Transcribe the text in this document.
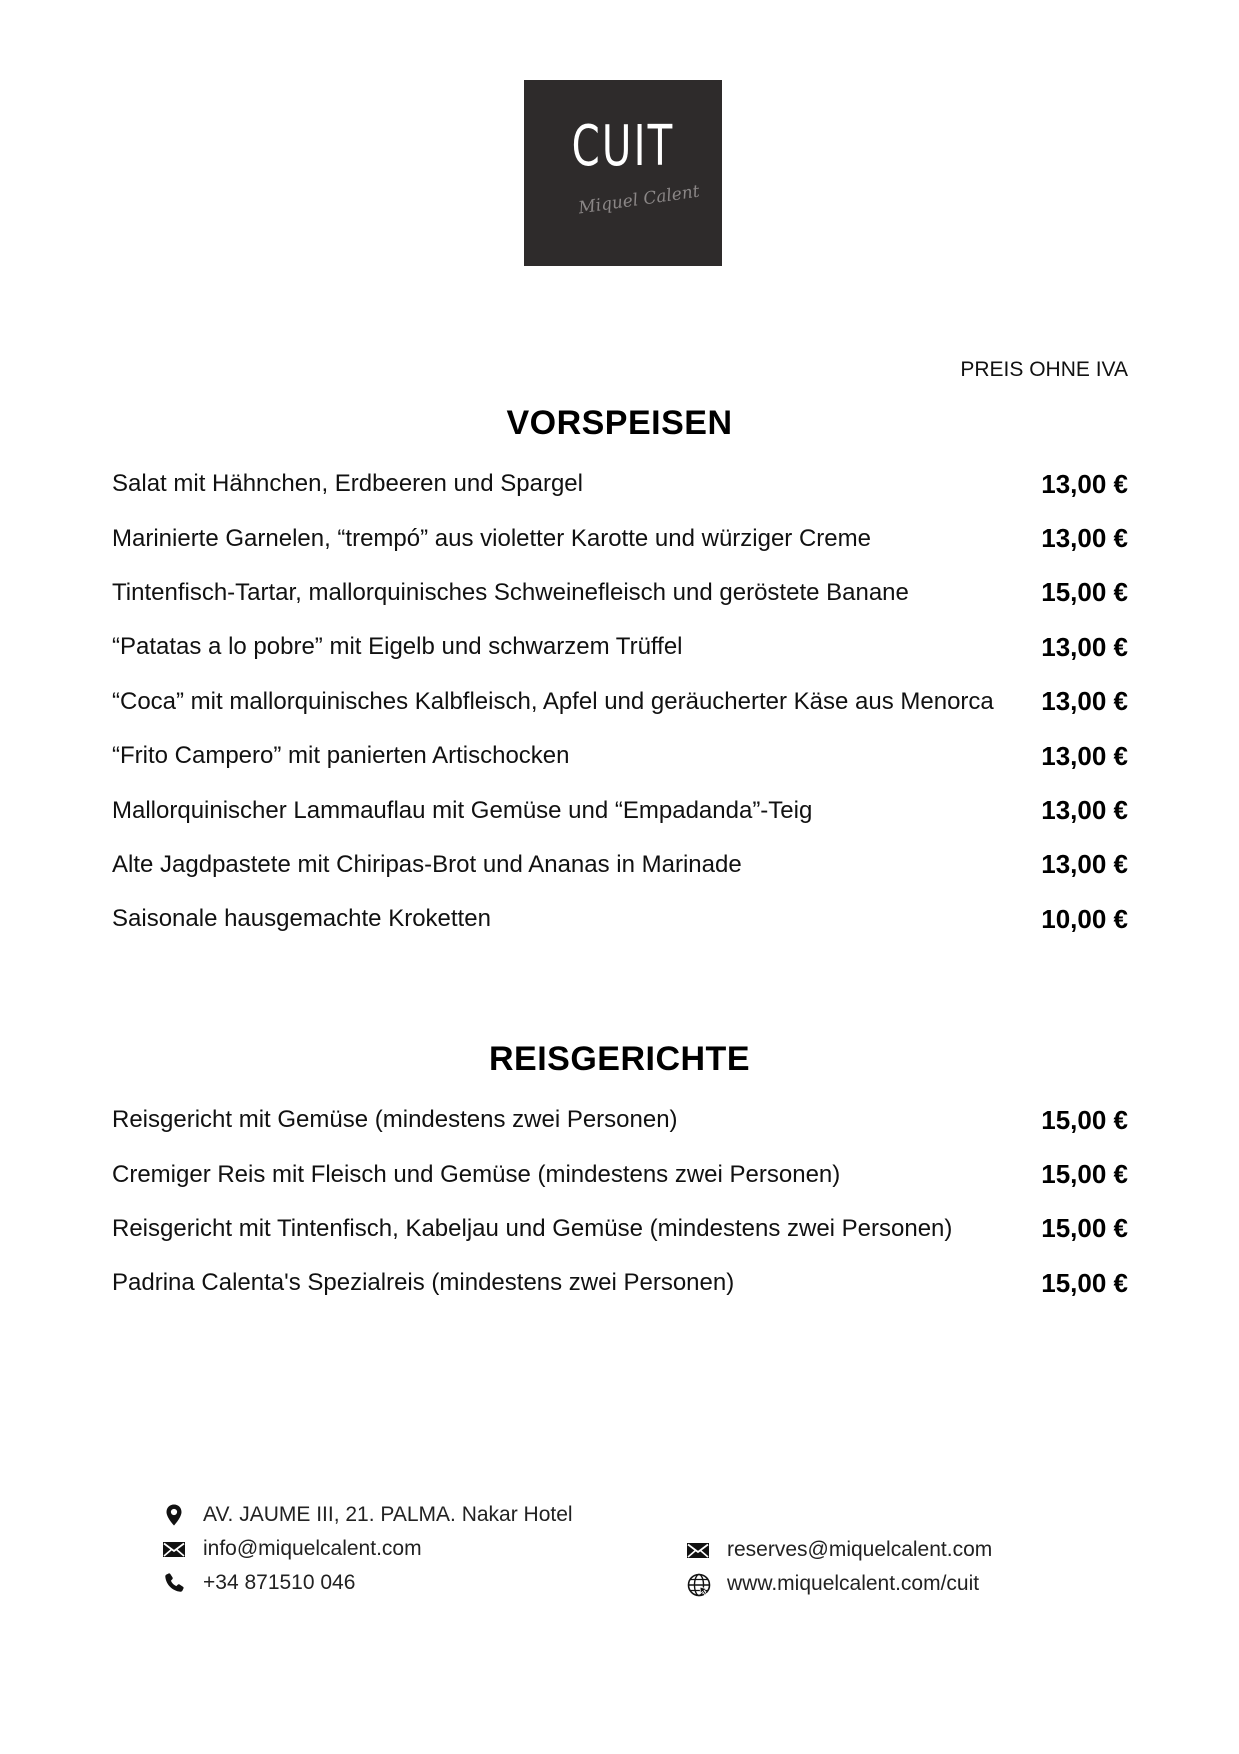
CUIT
Miquel Calent
PREIS OHNE IVA
VORSPEISEN
Salat mit Hähnchen, Erdbeeren und Spargel	13,00 €
Marinierte Garnelen, “trempó” aus violetter Karotte und würziger Creme	13,00 €
Tintenfisch-Tartar, mallorquinisches Schweinefleisch und geröstete Banane	15,00 €
“Patatas a lo pobre” mit Eigelb und schwarzem Trüffel	13,00 €
“Coca” mit mallorquinisches Kalbfleisch, Apfel und geräucherter Käse aus Menorca 13,00 €
“Frito Campero” mit panierten Artischocken	13,00 €
Mallorquinischer Lammauflau mit Gemüse und “Empadanda”-Teig	13,00 €
Alte Jagdpastete mit Chiripas-Brot und Ananas in Marinade	13,00 €
Saisonale hausgemachte Kroketten	10,00 €
REISGERICHTE
Reisgericht mit Gemüse (mindestens zwei Personen)	15,00 €
Cremiger Reis mit Fleisch und Gemüse (mindestens zwei Personen)	15,00 €
Reisgericht mit Tintenfisch, Kabeljau und Gemüse (mindestens zwei Personen)	15,00 €
Padrina Calenta's Spezialreis (mindestens zwei Personen)	15,00 €
AV. JAUME III, 21. PALMA. Nakar Hotel
info@miquelcalent.com
+34 871510 046
reserves@miquelcalent.com
www.miquelcalent.com/cuit
